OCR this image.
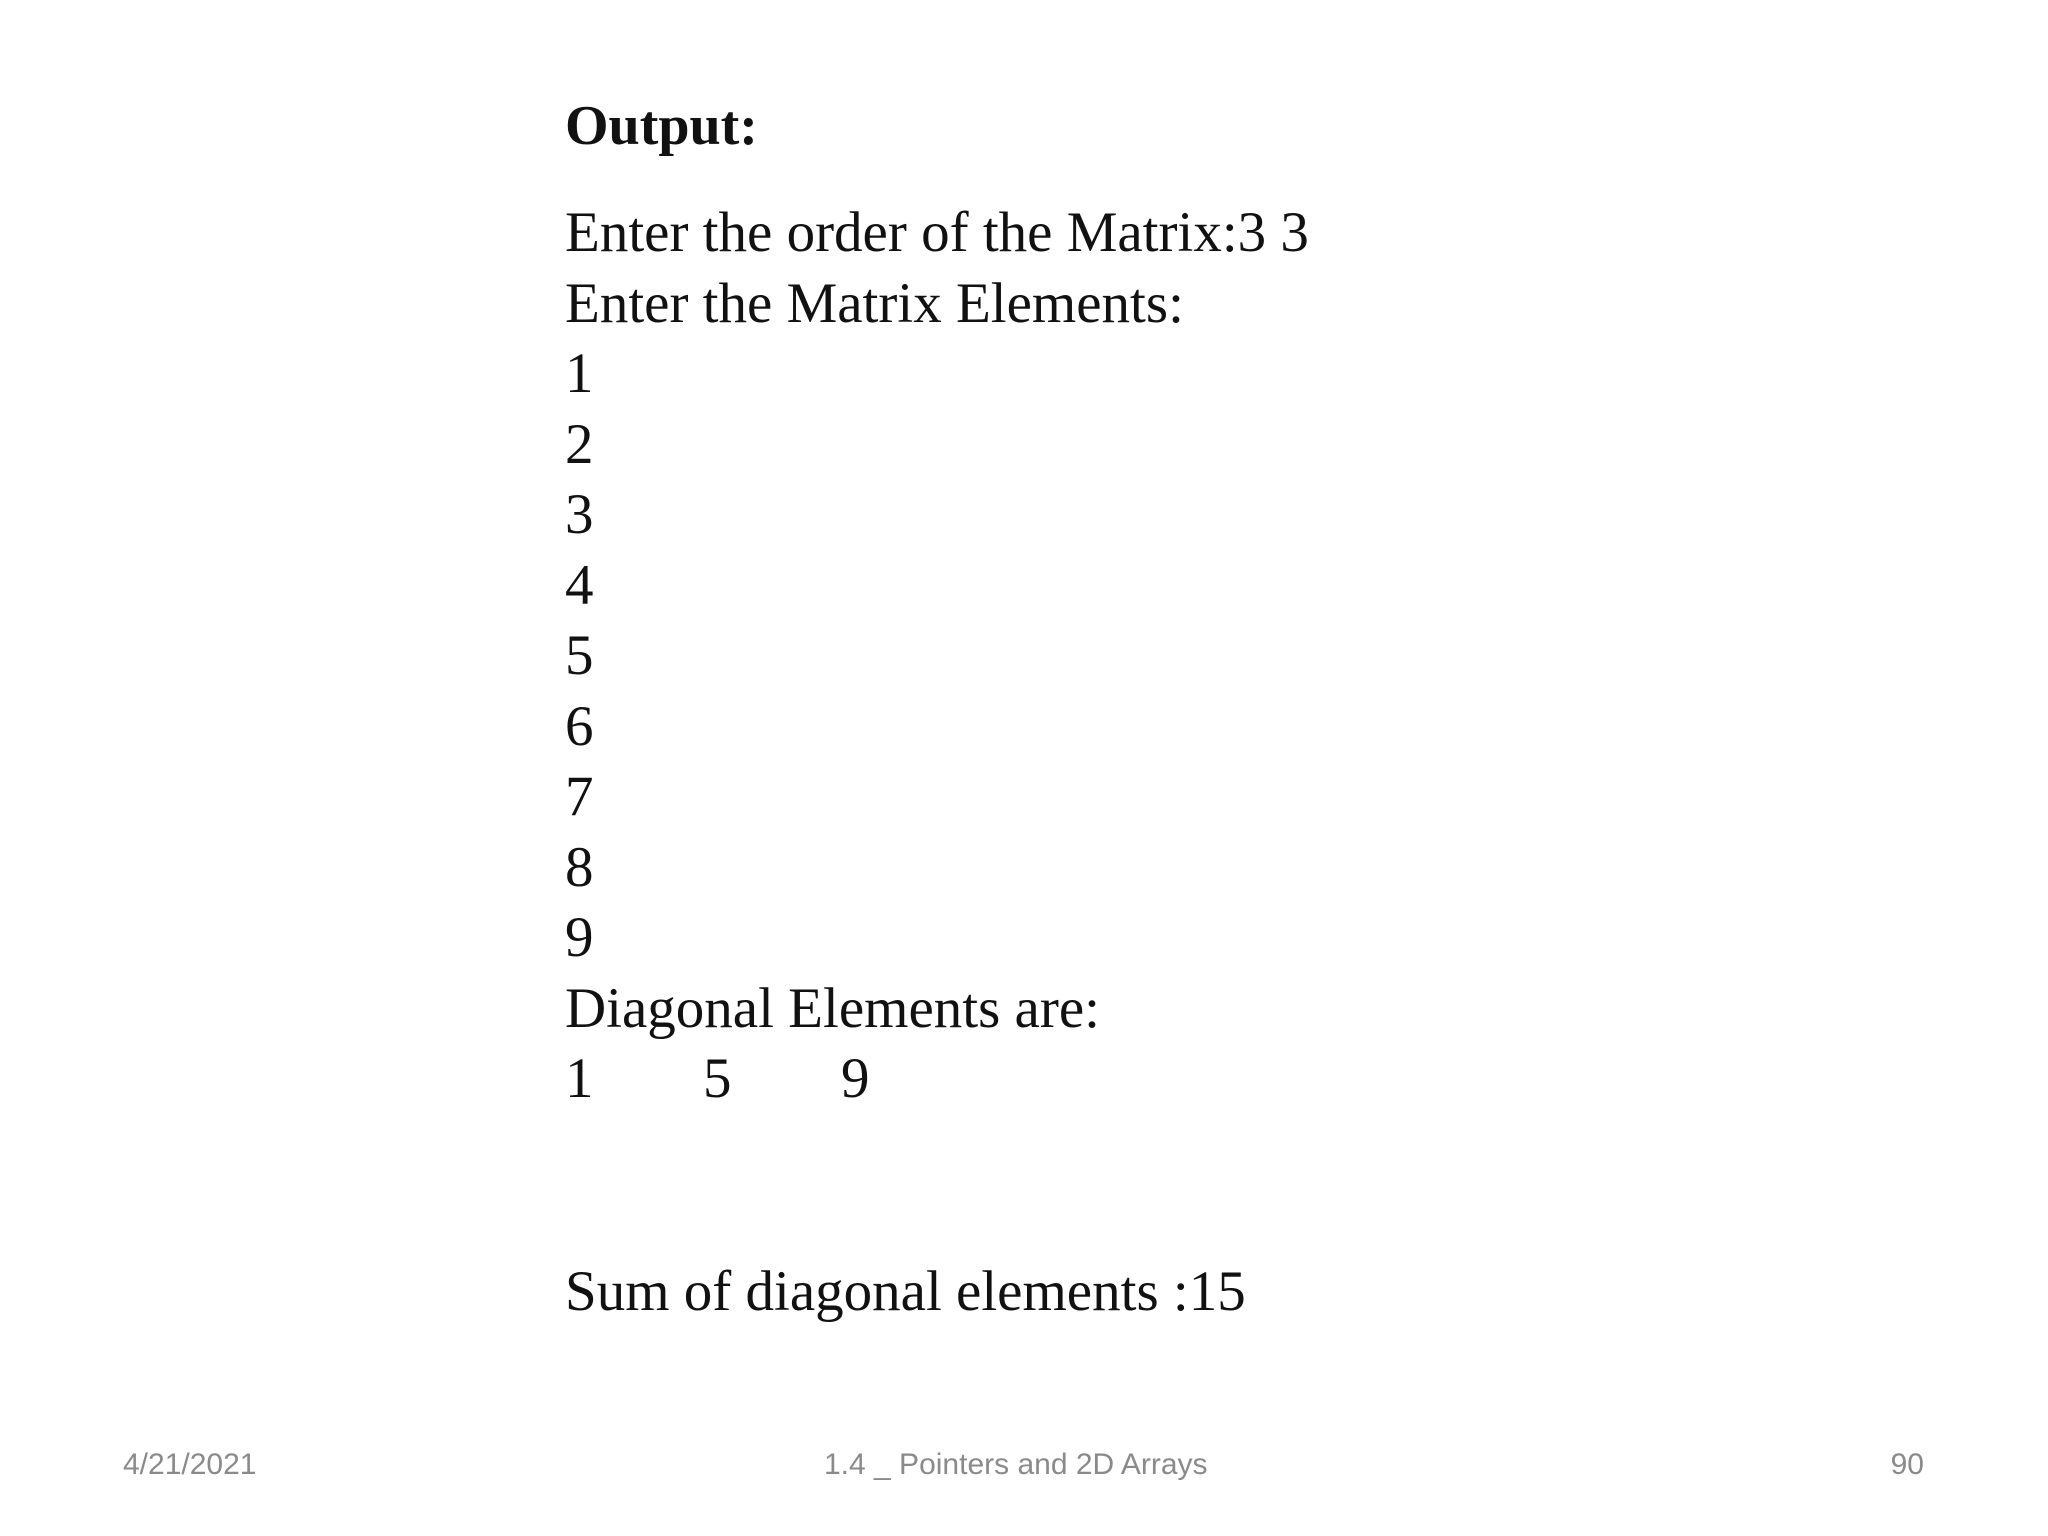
Output:
Enter the order of the Matrix:3 3
Enter the Matrix Elements:
1
2
3
4
5
6
7
8
9
Diagonal Elements are:
1 5 9
Sum of diagonal elements :15
4/21/2021	1.4 _ Pointers and 2D Arrays	90
